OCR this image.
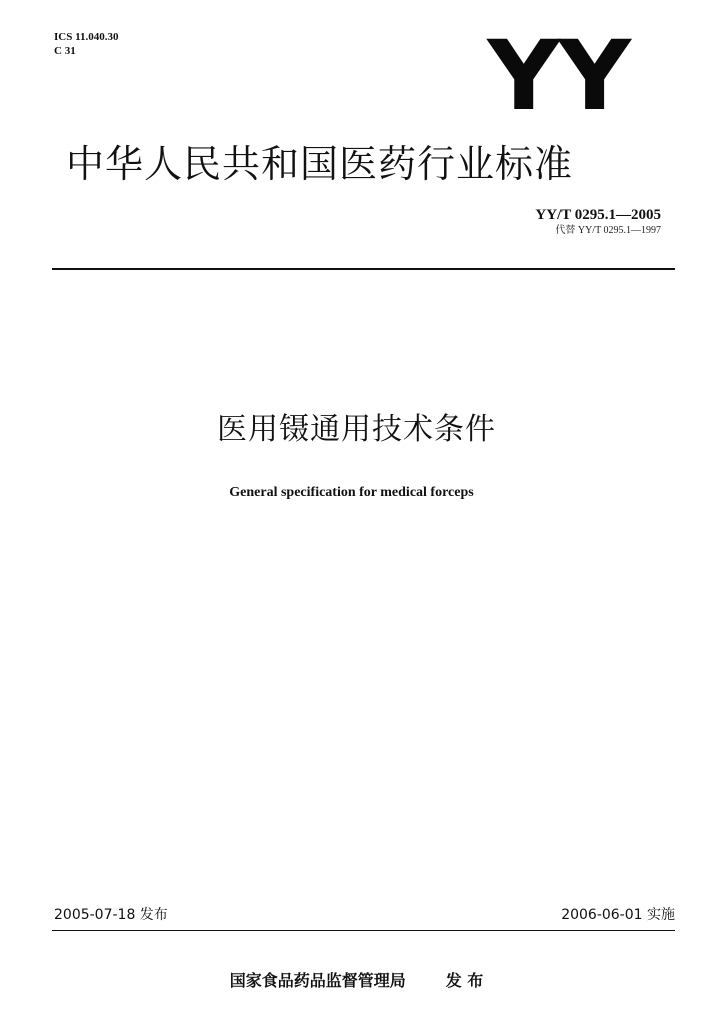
ICS 11.040.30
C 31	YY
中华人民共和国医药行业标准
YY/T 0295.1—2005
代替 YY/T 0295.1—1997
医用镊通用技术条件
General specification for medical forceps
2005-07-18 发布	2006-06-01 实施
国家食品药品监督管理局	发 布
